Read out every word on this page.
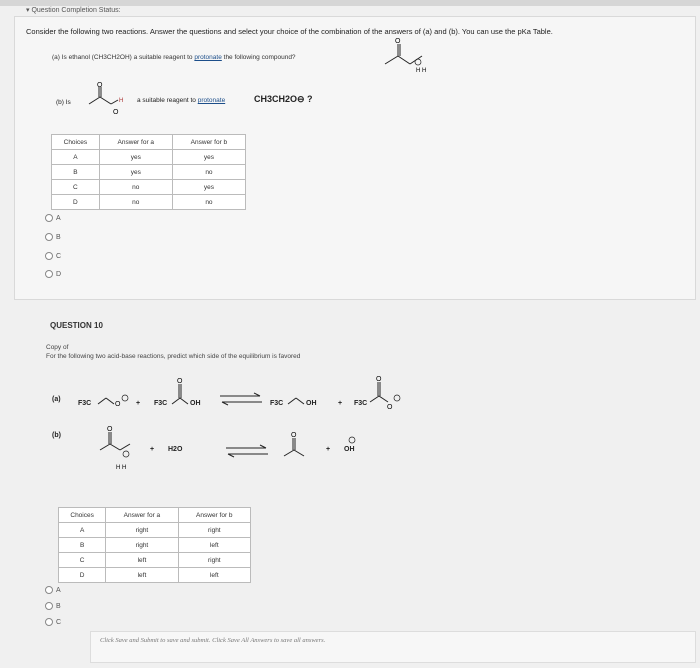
▾ Question Completion Status:
Consider the following two reactions. Answer the questions and select your choice of the combination of the answers of (a) and (b). You can use the pKa Table.
(a) Is ethanol (CH3CH2OH) a suitable reagent to protonate the following compound?
O
H H
(b) Is
O
H
O
a suitable reagent to protonate	CH3CH2O⊖ ?
Choices	Answer for a	Answer for b
A	yes	yes
B	yes	no
C	no	yes
D	no	no
A
B
C
D
QUESTION 10
Copy of
For the following two acid-base reactions, predict which side of the equilibrium is favored
(a)
(b)
F3C	O + F3C
O
OH	F3C	OH	+ F3C
O
O
O
H H
+ H2O
O
+ OH
Choices	Answer for a	Answer for b
A	right	right
B	right	left
C	left	right
D	left	left
A
B
C
Click Save and Submit to save and submit. Click Save All Answers to save all answers.
